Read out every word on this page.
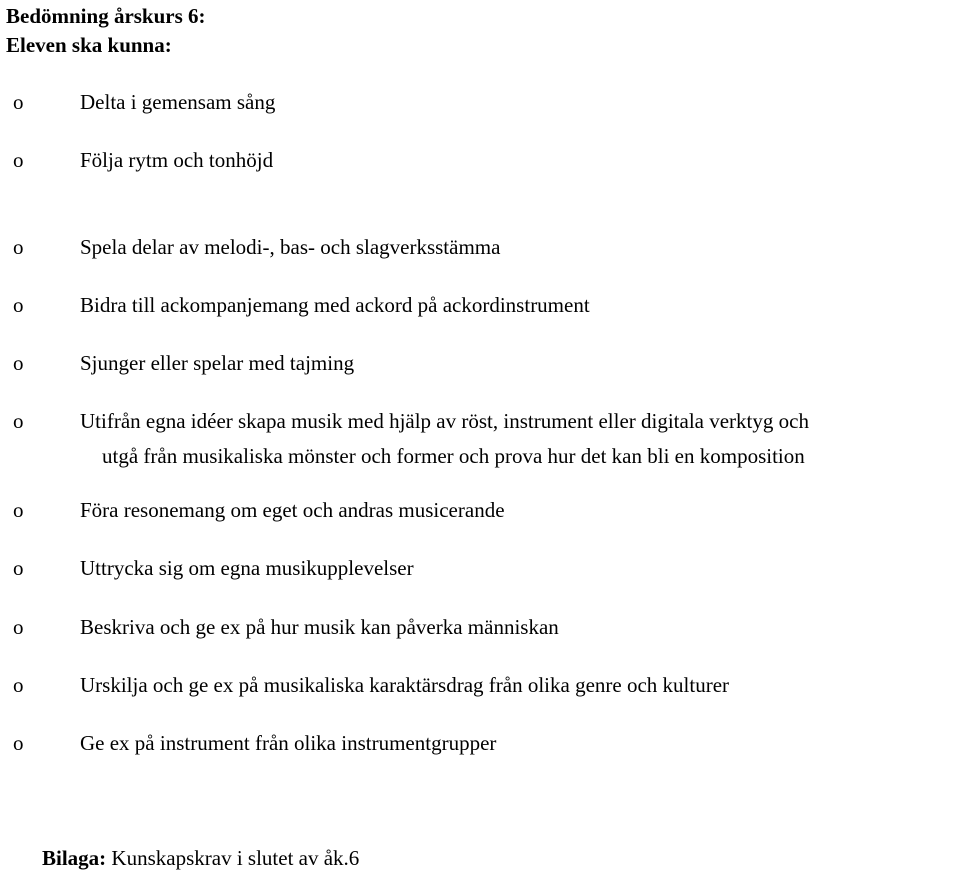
Bedömning årskurs 6:
Eleven ska kunna:
o	Delta i gemensam sång
o	Följa rytm och tonhöjd
o	Spela delar av melodi-, bas- och slagverksstämma
o	Bidra till ackompanjemang med ackord på ackordinstrument
o	Sjunger eller spelar med tajming
o	Utifrån egna idéer skapa musik med hjälp av röst, instrument eller digitala verktyg och
utgå från musikaliska mönster och former och prova hur det kan bli en komposition
o	Föra resonemang om eget och andras musicerande
o	Uttrycka sig om egna musikupplevelser
o	Beskriva och ge ex på hur musik kan påverka människan
o	Urskilja och ge ex på musikaliska karaktärsdrag från olika genre och kulturer
o	Ge ex på instrument från olika instrumentgrupper
Bilaga: Kunskapskrav i slutet av åk.6
